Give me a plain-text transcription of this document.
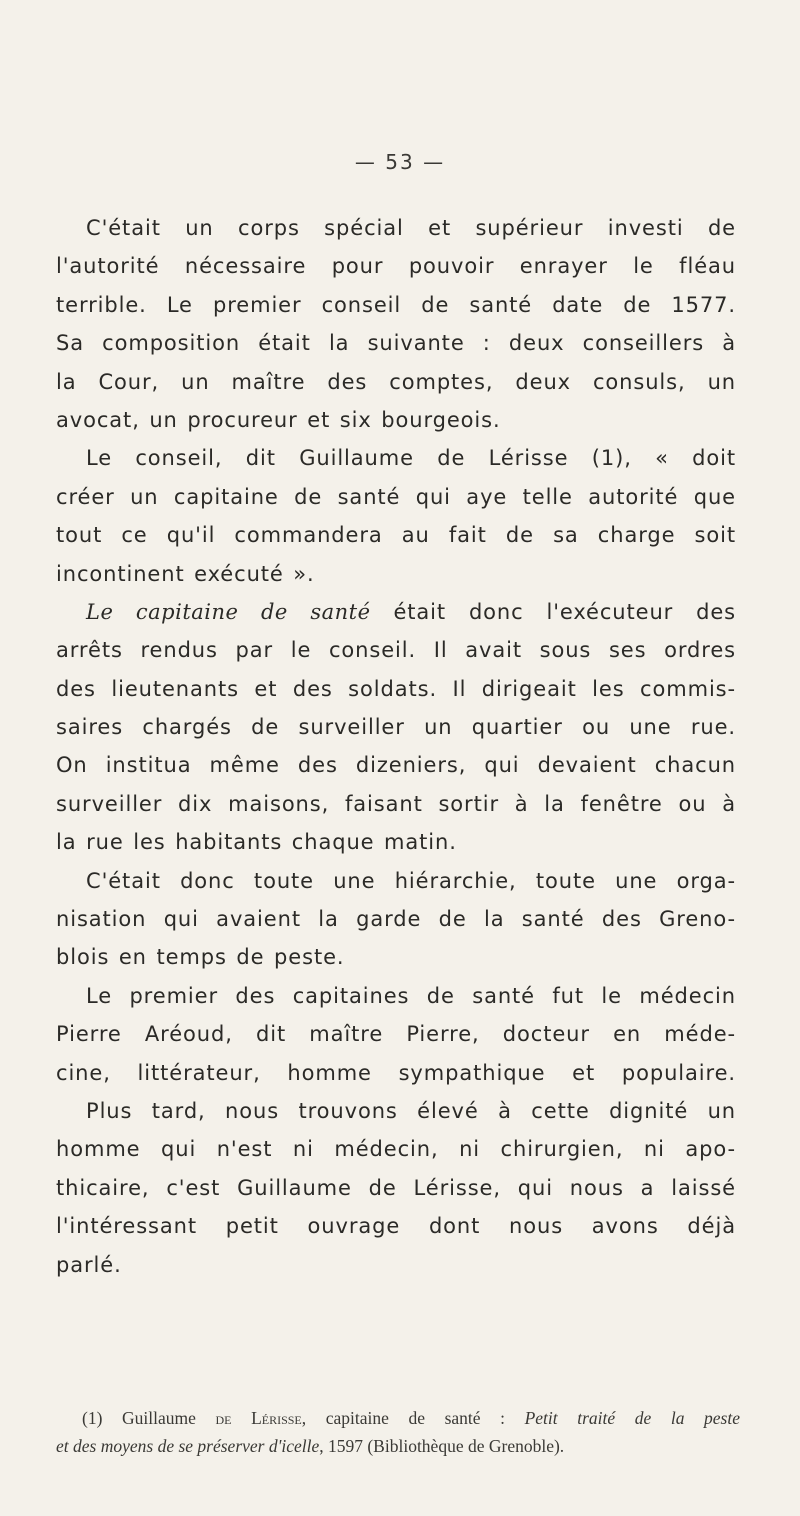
— 53 —
C'était un corps spécial et supérieur investi de
l'autorité nécessaire pour pouvoir enrayer le fléau
terrible. Le premier conseil de santé date de 1577.
Sa composition était la suivante : deux conseillers à
la Cour, un maître des comptes, deux consuls, un
avocat, un procureur et six bourgeois.
Le conseil, dit Guillaume de Lérisse (1), « doit
créer un capitaine de santé qui aye telle autorité que
tout ce qu'il commandera au fait de sa charge soit
incontinent exécuté ».
Le capitaine de santé était donc l'exécuteur des
arrêts rendus par le conseil. Il avait sous ses ordres
des lieutenants et des soldats. Il dirigeait les commis-
saires chargés de surveiller un quartier ou une rue.
On institua même des dizeniers, qui devaient chacun
surveiller dix maisons, faisant sortir à la fenêtre ou à
la rue les habitants chaque matin.
C'était donc toute une hiérarchie, toute une orga-
nisation qui avaient la garde de la santé des Greno-
blois en temps de peste.
Le premier des capitaines de santé fut le médecin
Pierre Aréoud, dit maître Pierre, docteur en méde-
cine, littérateur, homme sympathique et populaire.
Plus tard, nous trouvons élevé à cette dignité un
homme qui n'est ni médecin, ni chirurgien, ni apo-
thicaire, c'est Guillaume de Lérisse, qui nous a laissé
l'intéressant petit ouvrage dont nous avons déjà
parlé.
(1) Guillaume de Lérisse, capitaine de santé : Petit traité de la peste
et des moyens de se préserver d'icelle, 1597 (Bibliothèque de Grenoble).
